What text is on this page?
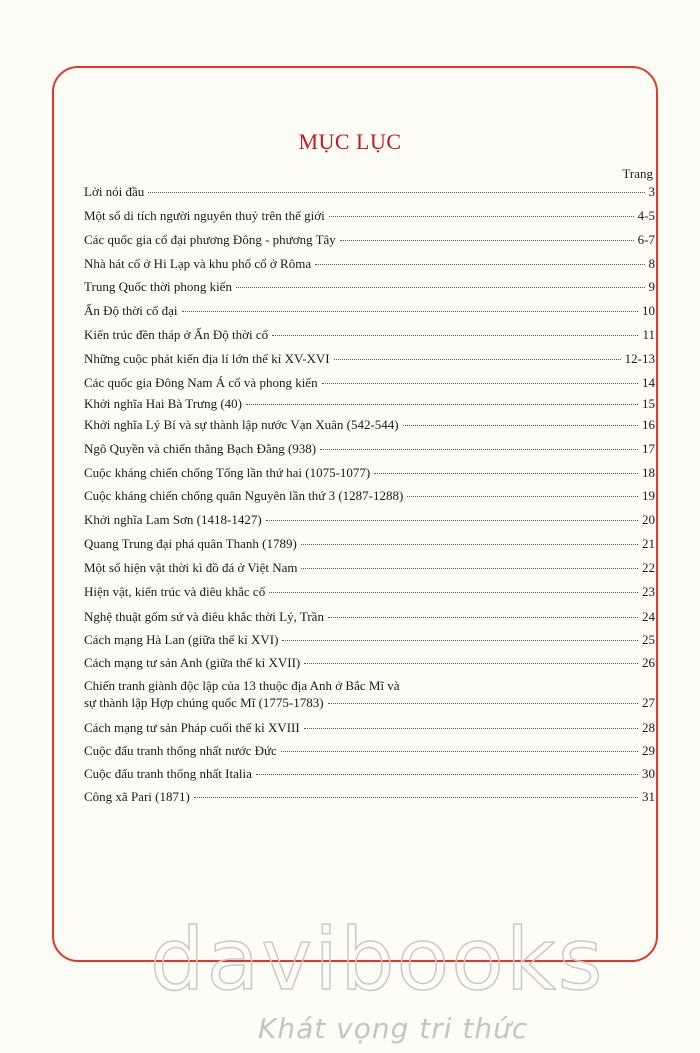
MỤC LỤC
Trang
Lời nói đầu	3
Một số di tích người nguyên thuỷ trên thế giới	4-5
Các quốc gia cổ đại phương Đông - phương Tây	6-7
Nhà hát cổ ở Hi Lạp và khu phố cổ ở Rôma	8
Trung Quốc thời phong kiến	9
Ấn Độ thời cổ đại	10
Kiến trúc đền tháp ở Ấn Độ thời cổ	11
Những cuộc phát kiến địa lí lớn thế kỉ XV-XVI	12-13
Các quốc gia Đông Nam Á cổ và phong kiến	14
Khởi nghĩa Hai Bà Trưng (40)	15
Khởi nghĩa Lý Bí và sự thành lập nước Vạn Xuân (542-544)	16
Ngô Quyền và chiến thắng Bạch Đằng (938)	17
Cuộc kháng chiến chống Tống lần thứ hai (1075-1077)	18
Cuộc kháng chiến chống quân Nguyên lần thứ 3 (1287-1288)	19
Khởi nghĩa Lam Sơn (1418-1427)	20
Quang Trung đại phá quân Thanh (1789)	21
Một số hiện vật thời kì đồ đá ở Việt Nam	22
Hiện vật, kiến trúc và điêu khắc cổ	23
Nghệ thuật gốm sứ và điêu khắc thời Lý, Trần	24
Cách mạng Hà Lan (giữa thế kỉ XVI)	25
Cách mạng tư sản Anh (giữa thế kỉ XVII)	26
Chiến tranh giành độc lập của 13 thuộc địa Anh ở Bắc Mĩ và
sự thành lập Hợp chúng quốc Mĩ (1775-1783)	27
Cách mạng tư sản Pháp cuối thế kỉ XVIII	28
Cuộc đấu tranh thống nhất nước Đức	29
Cuộc đấu tranh thống nhất Italia	30
Công xã Pari (1871)	31
davibooks
Khát vọng tri thức
